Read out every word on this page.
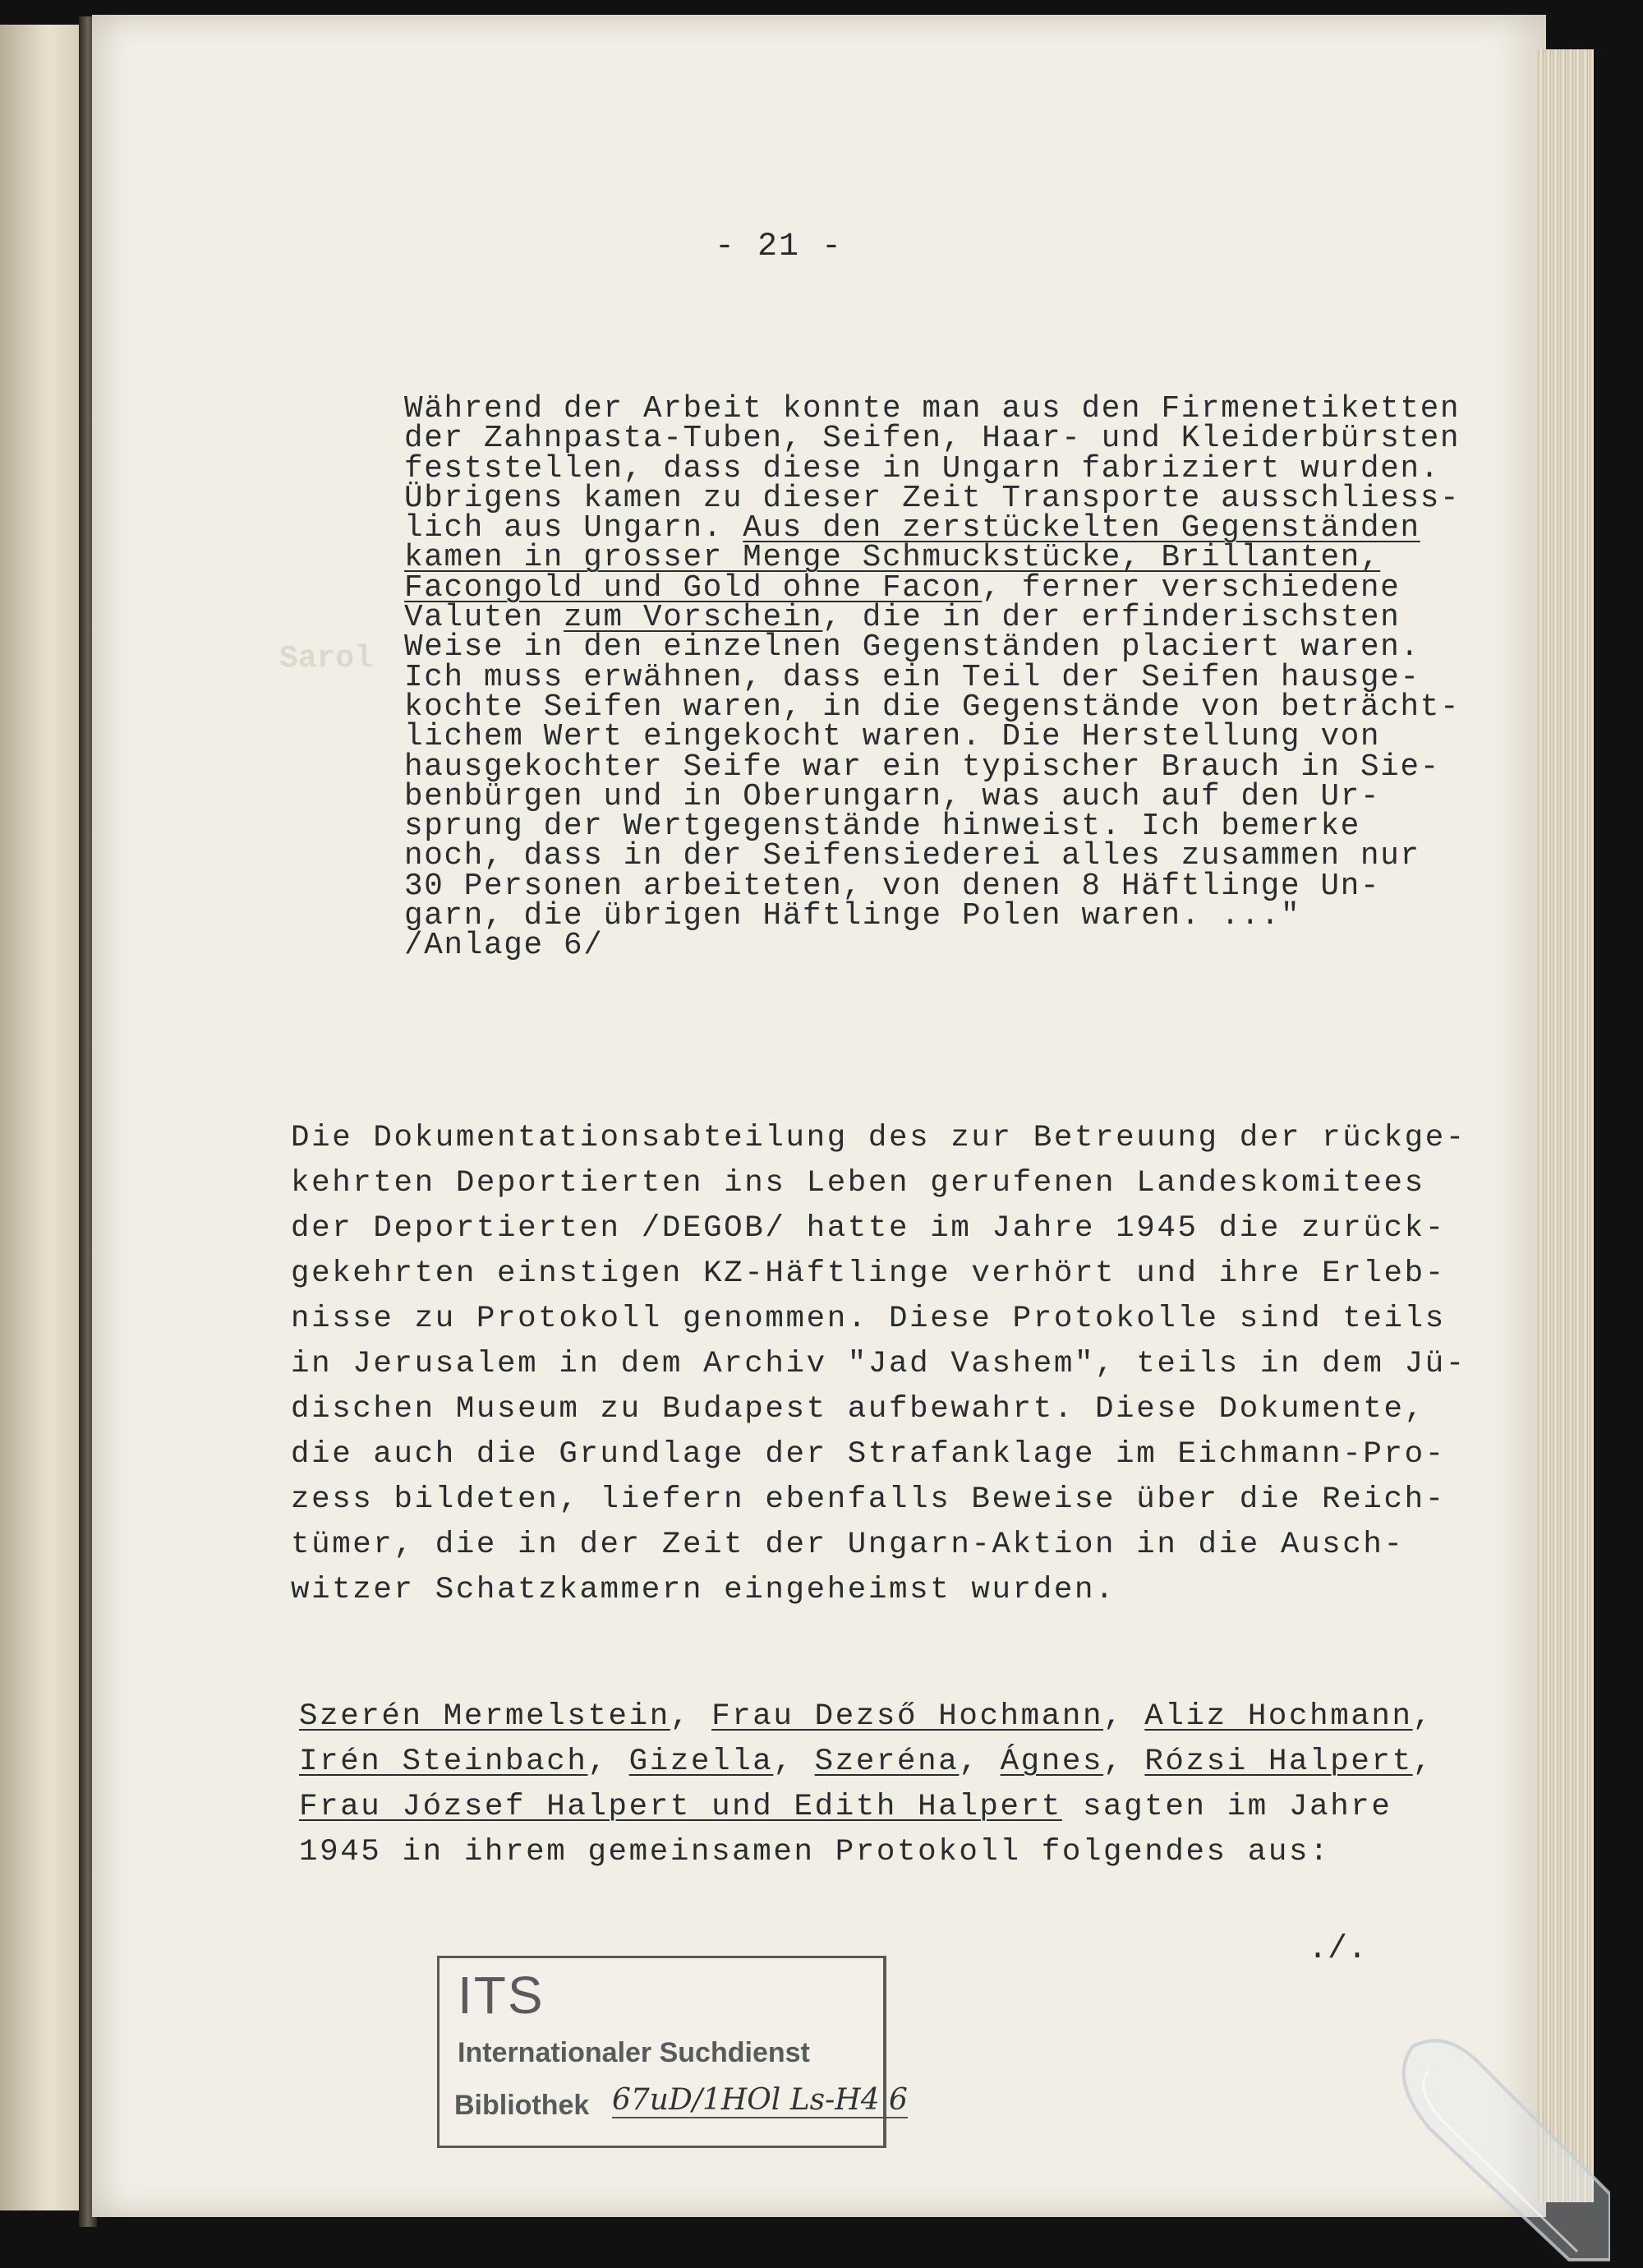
Sarol
- 21 -
Während der Arbeit konnte man aus den Firmenetiketten
der Zahnpasta-Tuben, Seifen, Haar- und Kleiderbürsten
feststellen, dass diese in Ungarn fabriziert wurden.
Übrigens kamen zu dieser Zeit Transporte ausschliess-
lich aus Ungarn. Aus den zerstückelten Gegenständen
kamen in grosser Menge Schmuckstücke, Brillanten,
Facongold und Gold ohne Facon, ferner verschiedene
Valuten zum Vorschein, die in der erfinderischsten
Weise in den einzelnen Gegenständen placiert waren.
Ich muss erwähnen, dass ein Teil der Seifen hausge-
kochte Seifen waren, in die Gegenstände von beträcht-
lichem Wert eingekocht waren. Die Herstellung von
hausgekochter Seife war ein typischer Brauch in Sie-
benbürgen und in Oberungarn, was auch auf den Ur-
sprung der Wertgegenstände hinweist. Ich bemerke
noch, dass in der Seifensiederei alles zusammen nur
30 Personen arbeiteten, von denen 8 Häftlinge Un-
garn, die übrigen Häftlinge Polen waren. ..."
/Anlage 6/
Die Dokumentationsabteilung des zur Betreuung der rückge-
kehrten Deportierten ins Leben gerufenen Landeskomitees
der Deportierten /DEGOB/ hatte im Jahre 1945 die zurück-
gekehrten einstigen KZ-Häftlinge verhört und ihre Erleb-
nisse zu Protokoll genommen. Diese Protokolle sind teils
in Jerusalem in dem Archiv "Jad Vashem", teils in dem Jü-
dischen Museum zu Budapest aufbewahrt. Diese Dokumente,
die auch die Grundlage der Strafanklage im Eichmann-Pro-
zess bildeten, liefern ebenfalls Beweise über die Reich-
tümer, die in der Zeit der Ungarn-Aktion in die Ausch-
witzer Schatzkammern eingeheimst wurden.
Szerén Mermelstein, Frau Dezső Hochmann, Aliz Hochmann,
Irén Steinbach, Gizella, Szeréna, Ágnes, Rózsi Halpert,
Frau József Halpert und Edith Halpert sagten im Jahre
1945 in ihrem gemeinsamen Protokoll folgendes aus:
./.
ITS
Internationaler Suchdienst
Bibliothek 67uD/1HOl Ls-H4 6
